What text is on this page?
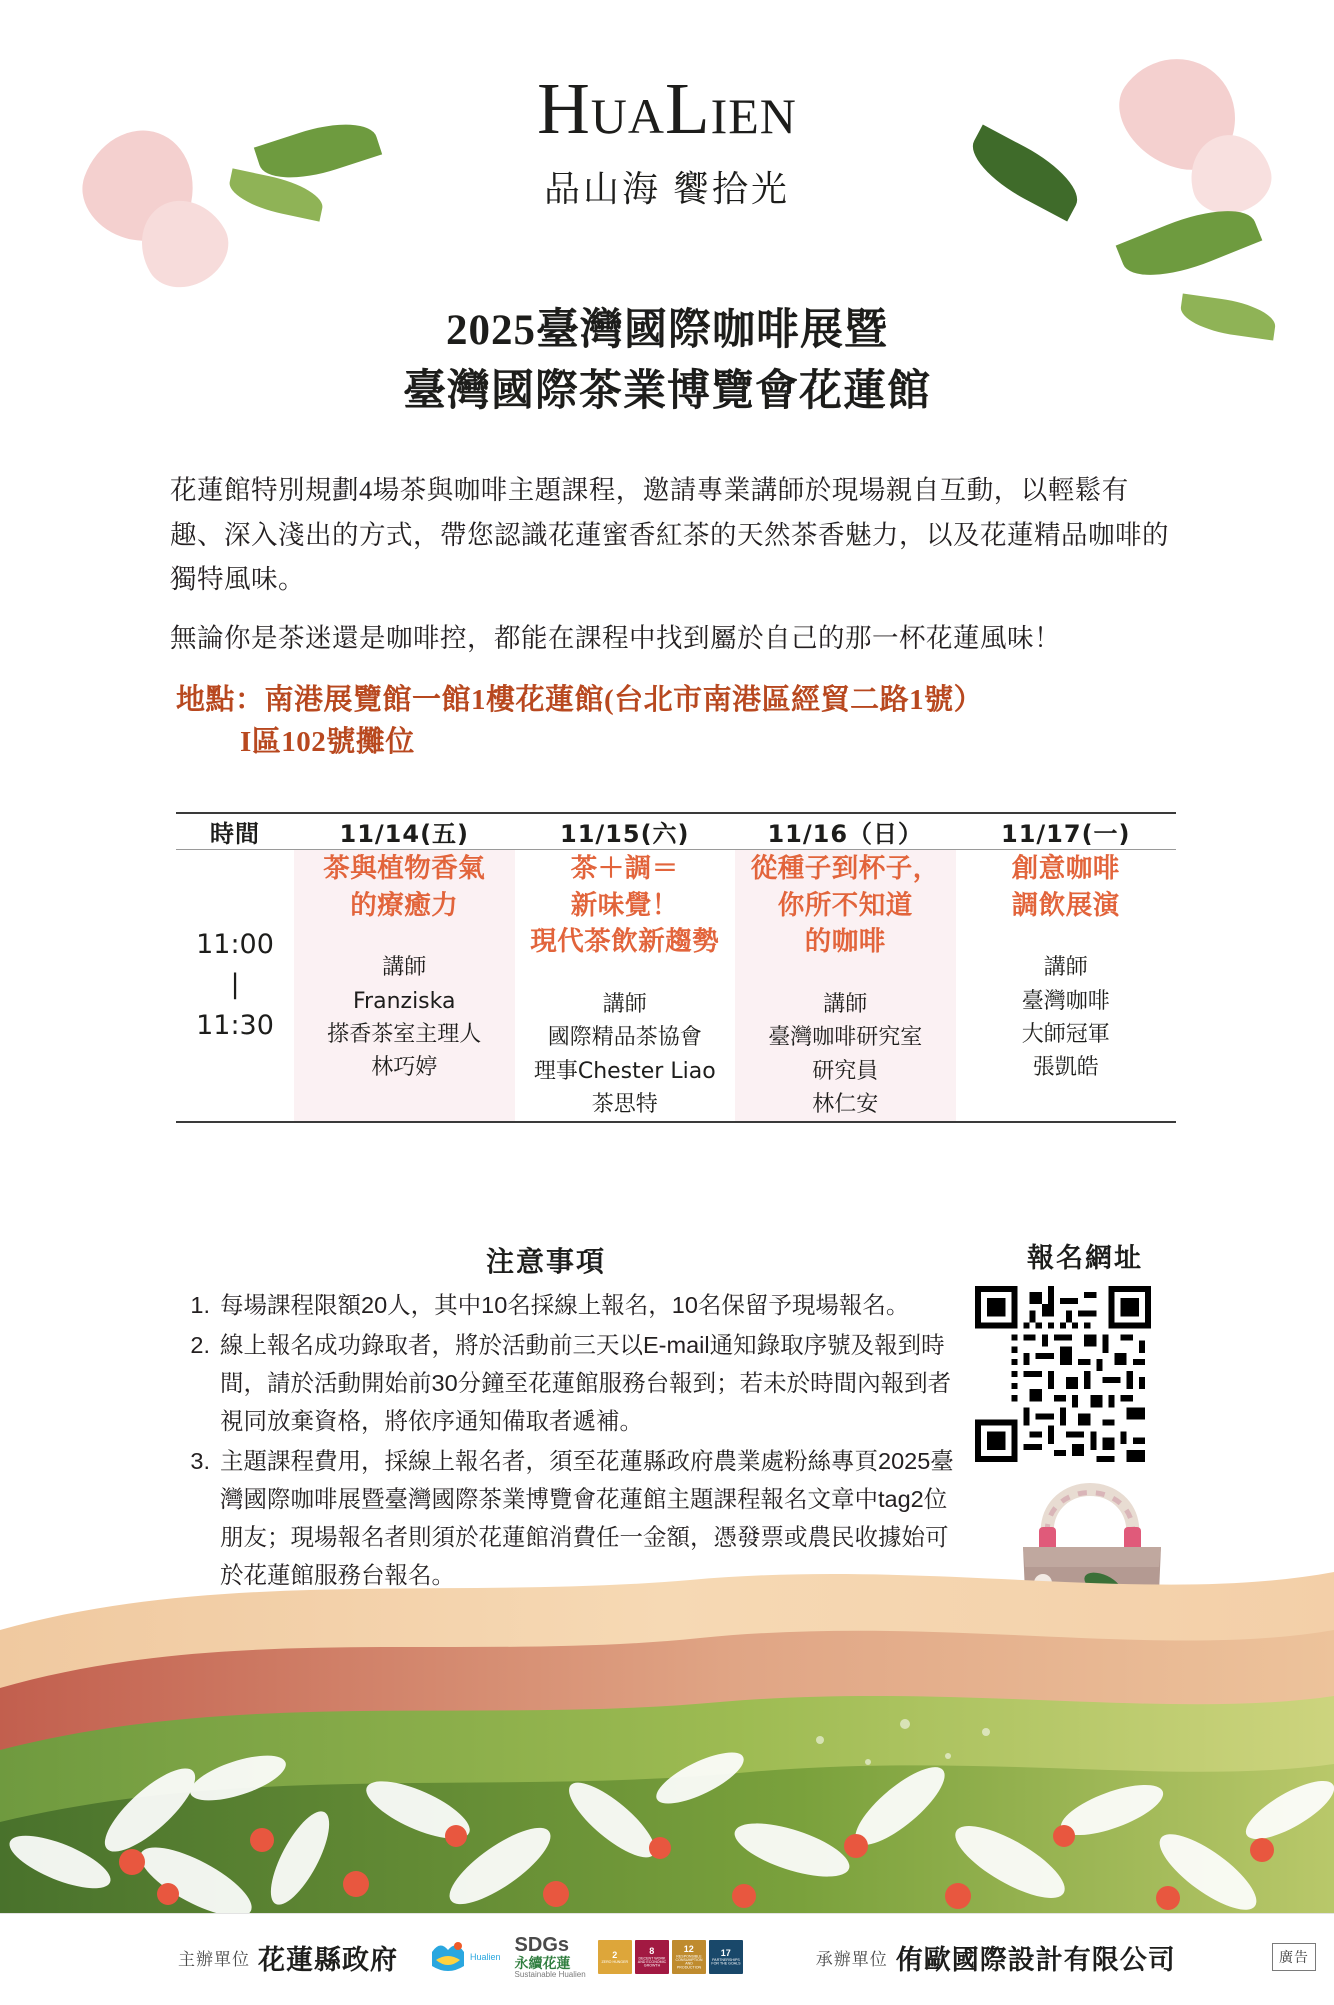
HUALIEN
品山海 饗拾光
2025臺灣國際咖啡展暨
臺灣國際茶業博覽會花蓮館

花蓮館特別規劃4場茶與咖啡主題課程，邀請專業講師於現場親自互動，以輕鬆有趣、深入淺出的方式，帶您認識花蓮蜜香紅茶的天然茶香魅力，以及花蓮精品咖啡的獨特風味。

無論你是茶迷還是咖啡控，都能在課程中找到屬於自己的那一杯花蓮風味！

地點：南港展覽館一館1樓花蓮館(台北市南港區經貿二路1號）
I區102號攤位
時間	11/14(五)	11/15(六)	11/16（日）	11/17(一)

11:00
|
11:30

茶與植物香氣
的療癒力
講師
Franziska
搽香茶室主理人
林巧婷

茶＋調＝
新味覺！
現代茶飲新趨勢
講師
國際精品茶協會
理事Chester Liao
茶思特

從種子到杯子，
你所不知道
的咖啡
講師
臺灣咖啡研究室
研究員
林仁安

創意咖啡
調飲展演
講師
臺灣咖啡
大師冠軍
張凱皓
注意事項
1. 每場課程限額20人，其中10名採線上報名，10名保留予現場報名。
2. 線上報名成功錄取者，將於活動前三天以E-mail通知錄取序號及報到時間，請於活動開始前30分鐘至花蓮館服務台報到；若未於時間內報到者視同放棄資格，將依序通知備取者遞補。
3. 主題課程費用，採線上報名者，須至花蓮縣政府農業處粉絲專頁2025臺灣國際咖啡展暨臺灣國際茶業博覽會花蓮館主題課程報名文章中tag2位朋友；現場報名者則須於花蓮館消費任一金額，憑發票或農民收據始可於花蓮館服務台報名。
報名網址
主辦單位 花蓮縣政府	Hualien
SDGs
永續花蓮
Sustainable Hualien
2
ZERO HUNGER
8
DECENT WORK AND ECONOMIC GROWTH
12
RESPONSIBLE CONSUMPTION AND PRODUCTION
17
PARTNERSHIPS FOR THE GOALS	承辦單位 侑歐國際設計有限公司	廣告
